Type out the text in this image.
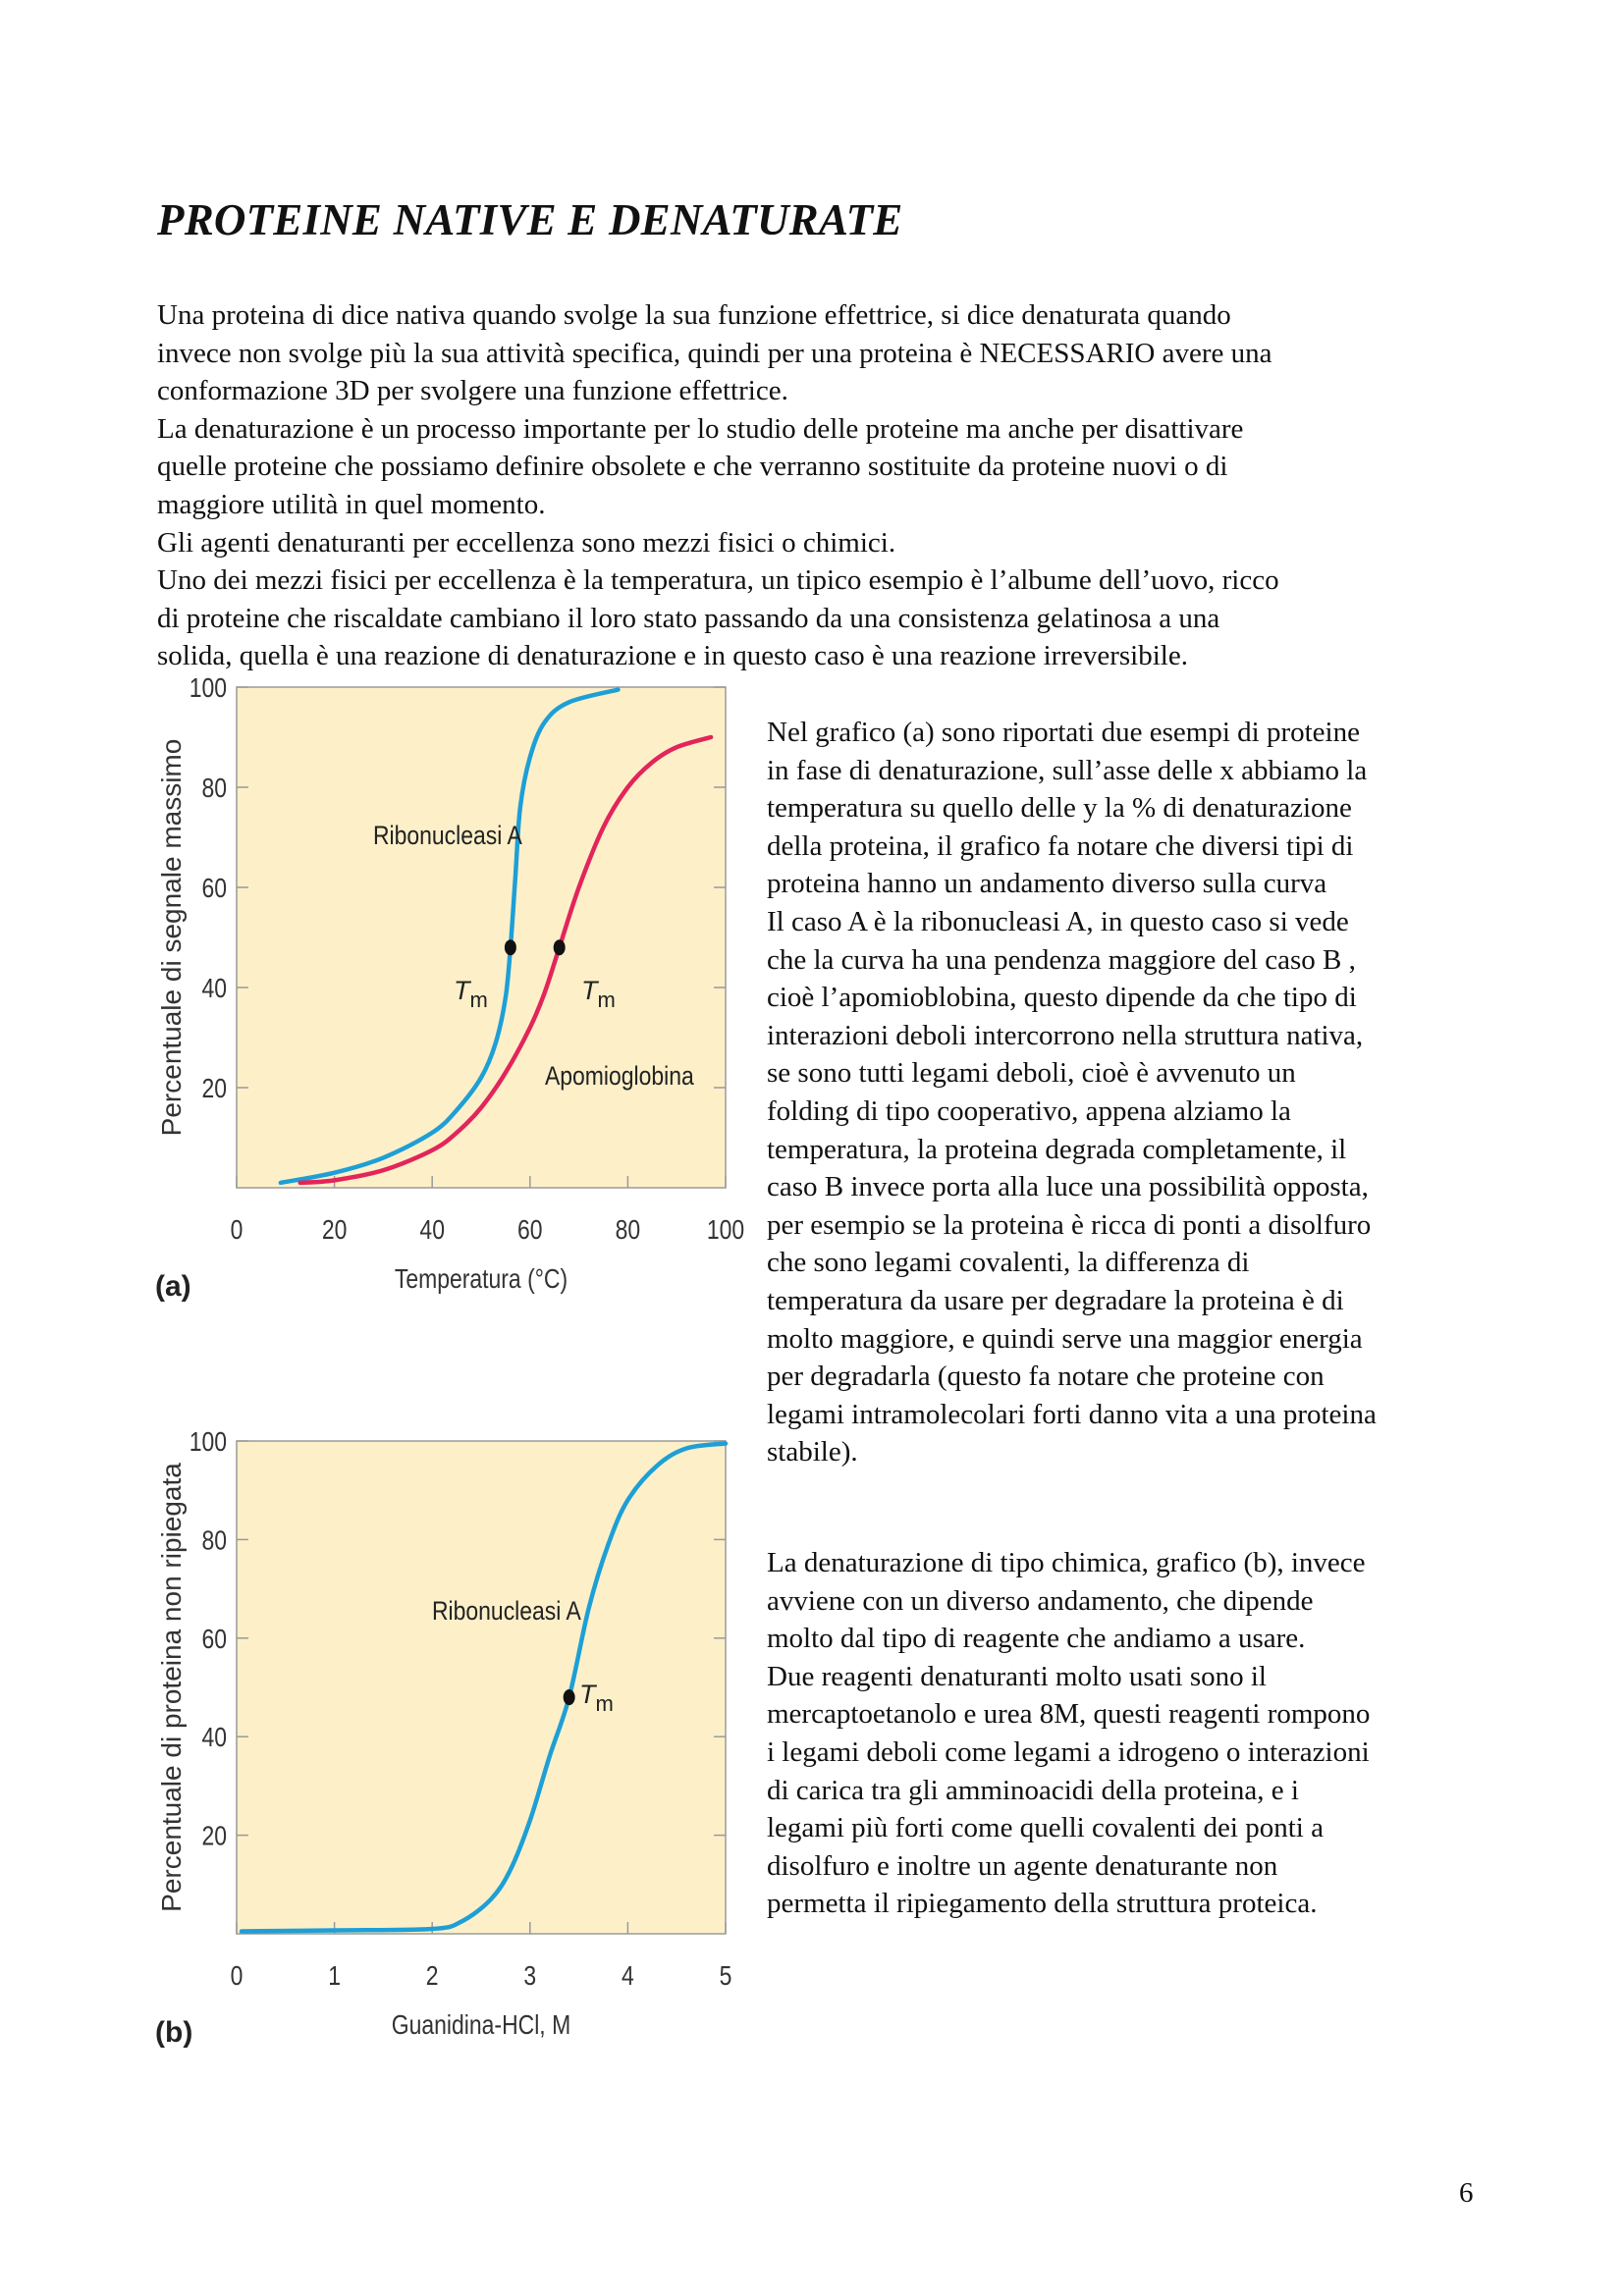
PROTEINE NATIVE E DENATURATE
Una proteina di dice nativa quando svolge la sua funzione effettrice, si dice denaturata quando
invece non svolge più la sua attività specifica, quindi per una proteina è NECESSARIO avere una
conformazione 3D per svolgere una funzione effettrice.
La denaturazione è un processo importante per lo studio delle proteine ma anche per disattivare
quelle proteine che possiamo definire obsolete e che verranno sostituite da proteine nuovi o di
maggiore utilità in quel momento.
Gli agenti denaturanti per eccellenza sono mezzi fisici o chimici.
Uno dei mezzi fisici per eccellenza è la temperatura, un tipico esempio è l’albume dell’uovo, ricco
di proteine che riscaldate cambiano il loro stato passando da una consistenza gelatinosa a una
solida, quella è una reazione di denaturazione e in questo caso è una reazione irreversibile.
Nel grafico (a) sono riportati due esempi di proteine
in fase di denaturazione, sull’asse delle x abbiamo la
temperatura su quello delle y la % di denaturazione
della proteina, il grafico fa notare che diversi tipi di
proteina hanno un andamento diverso sulla curva
Il caso A è la ribonucleasi A, in questo caso si vede
che la curva ha una pendenza maggiore del caso B ,
cioè l’apomioblobina, questo dipende da che tipo di
interazioni deboli intercorrono nella struttura nativa,
se sono tutti legami deboli, cioè è avvenuto un
folding di tipo cooperativo, appena alziamo la
temperatura, la proteina degrada completamente, il
caso B invece porta alla luce una possibilità opposta,
per esempio se la proteina è ricca di ponti a disolfuro
che sono legami covalenti, la differenza di
temperatura da usare per degradare la proteina è di
molto maggiore, e quindi serve una maggior energia
per degradarla (questo fa notare che proteine con
legami intramolecolari forti danno vita a una proteina
stabile).
La denaturazione di tipo chimica, grafico (b), invece
avviene con un diverso andamento, che dipende
molto dal tipo di reagente che andiamo a usare.
Due reagenti denaturanti molto usati sono il
mercaptoetanolo e urea 8M, questi reagenti rompono
i legami deboli come legami a idrogeno o interazioni
di carica tra gli amminoacidi della proteina, e i
legami più forti come quelli covalenti dei ponti a
disolfuro e inoltre un agente denaturante non
permetta il ripiegamento della struttura proteica.
6
0	20	40	60	80 100
20
40
60
80
100
Temperatura (°C)
Percentuale di segnale massimo
(a)
Ribonucleasi A
$T_m$
Apomioglobina
$T_m$
0	1	2	3	4	5
20
40
60
80
100
Guanidina-HCl, M
Percentuale di proteina non ripiegata
(b)
Ribonucleasi A
$T_m$
